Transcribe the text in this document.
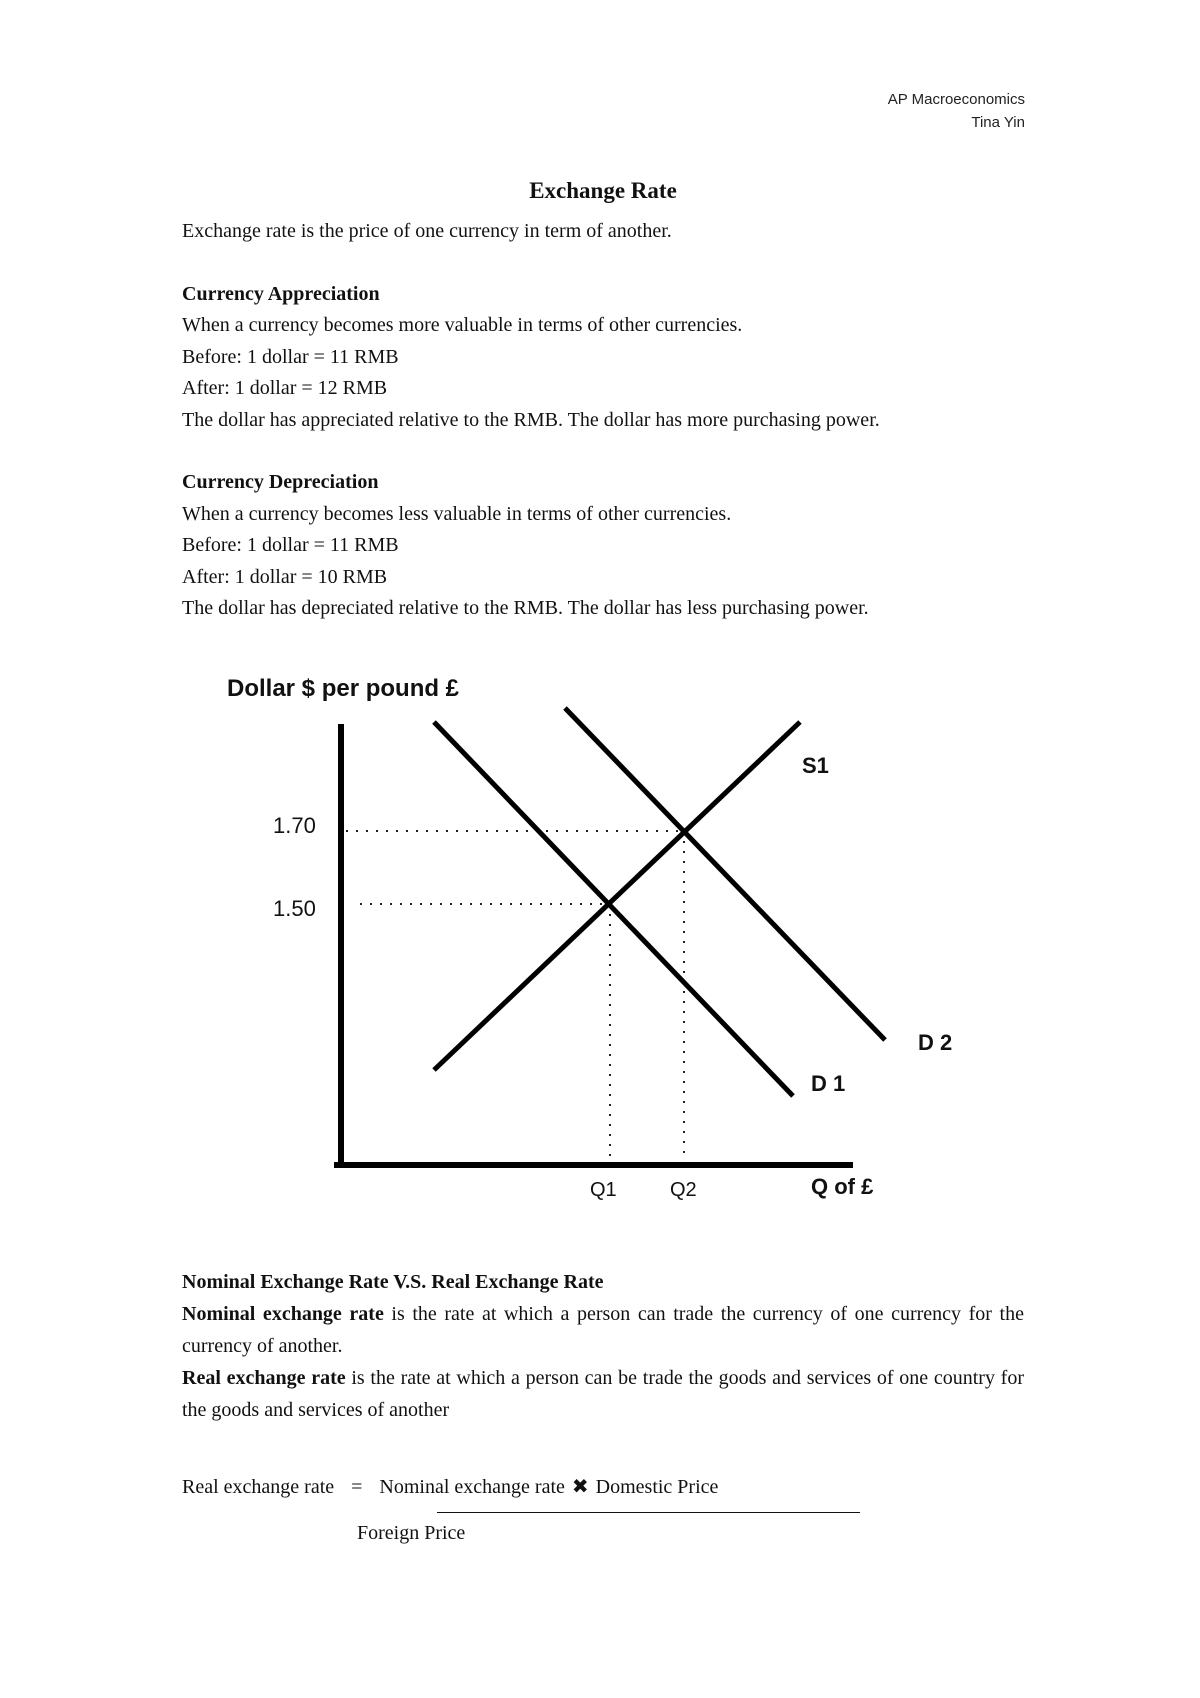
AP Macroeconomics
Tina Yin
Exchange Rate

Exchange rate is the price of one currency in term of another.

Currency Appreciation

When a currency becomes more valuable in terms of other currencies.

Before: 1 dollar = 11 RMB

After: 1 dollar = 12 RMB

The dollar has appreciated relative to the RMB. The dollar has more purchasing power.

Currency Depreciation

When a currency becomes less valuable in terms of other currencies.

Before: 1 dollar = 11 RMB

After: 1 dollar = 10 RMB

The dollar has depreciated relative to the RMB. The dollar has less purchasing power.

Dollar $ per pound £
1.70
1.50
Q1	Q2	Q of £
S1
D 1
D 2

Nominal Exchange Rate V.S. Real Exchange Rate

Nominal exchange rate is the rate at which a person can trade the currency of one currency for the currency of another.

Real exchange rate is the rate at which a person can be trade the goods and services of one country for the goods and services of another

Real exchange rate = Nominal exchange rate ✖ Domestic Price
Foreign Price
